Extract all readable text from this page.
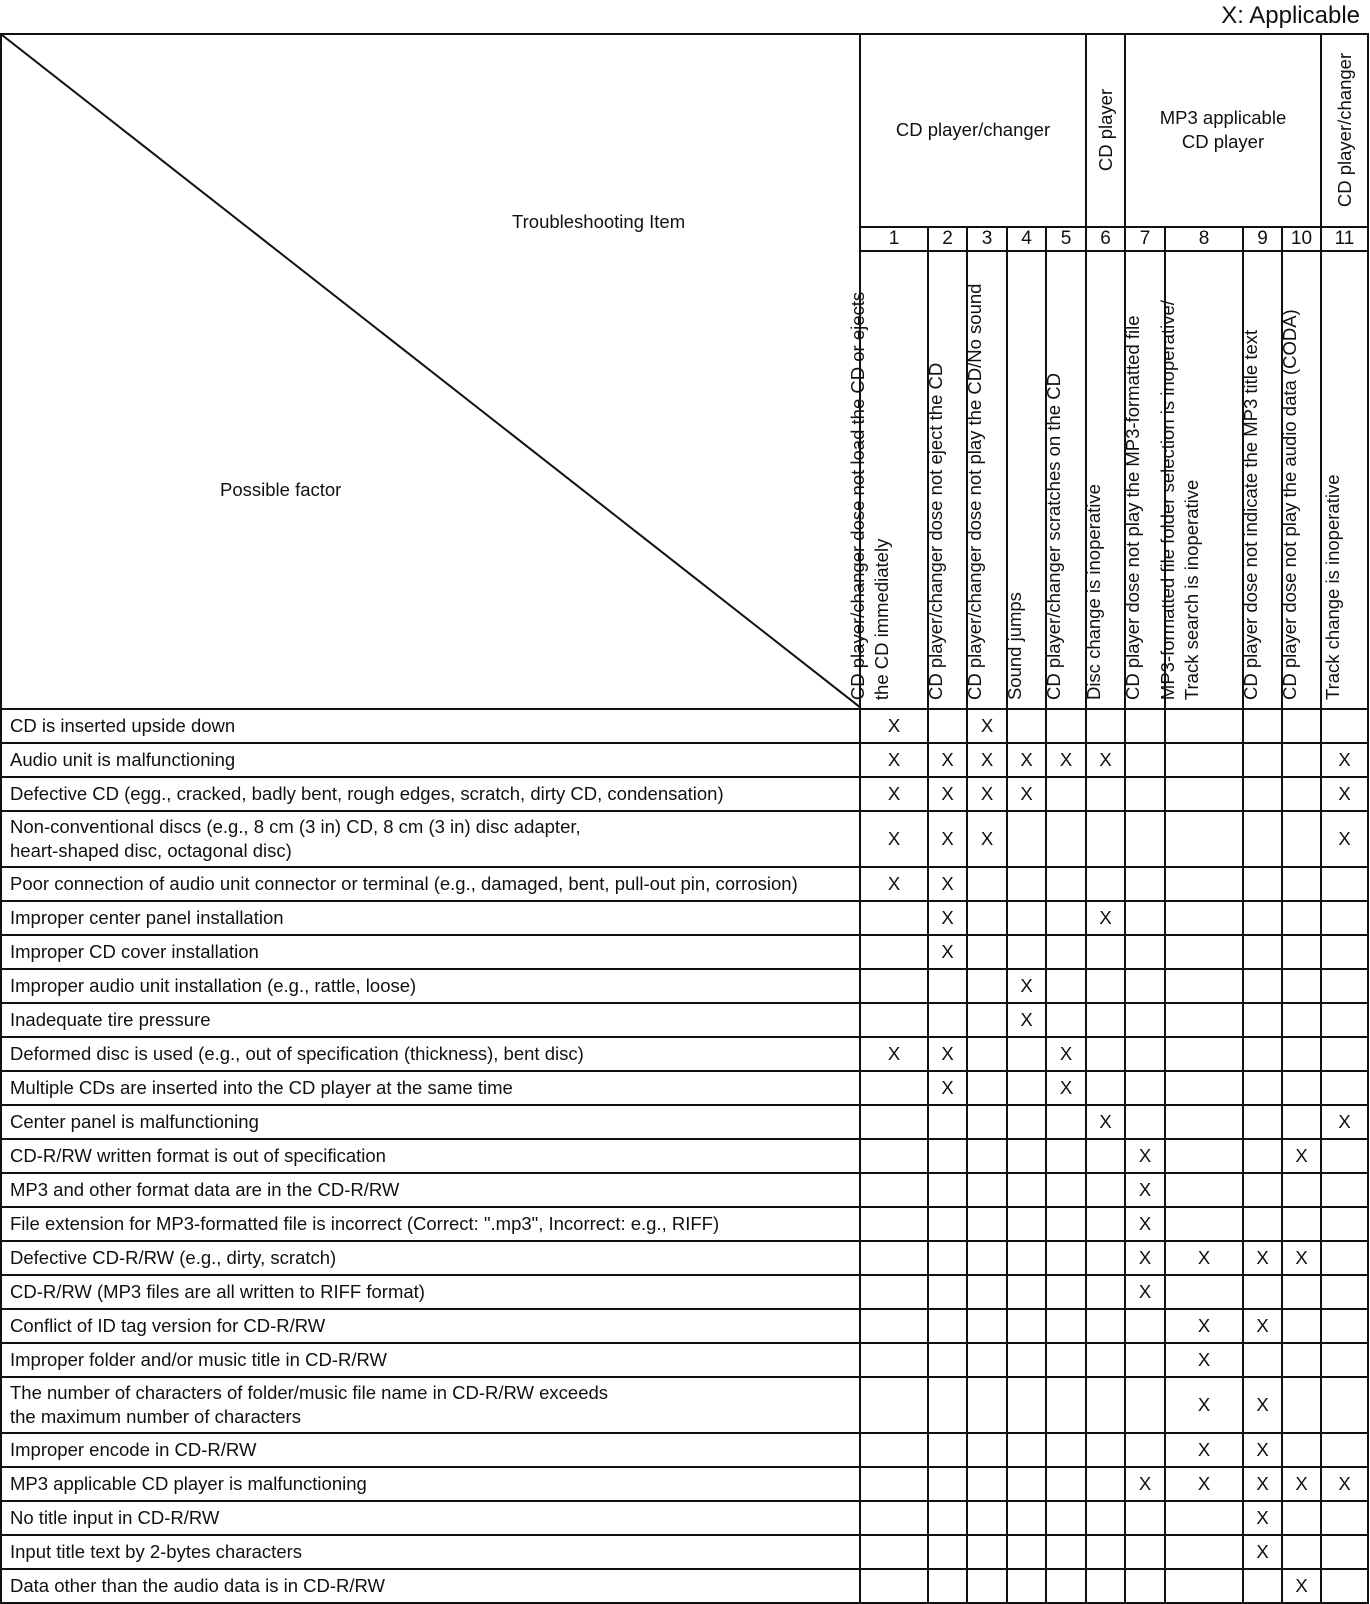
X: Applicable
Troubleshooting Item
Possible factor	CD player/changer					CD player	MP3 applicable
CD player				CD player/changer

	1	2	3	4	5	6	7	8	9	10	11

	CD player/changer dose not load the CD or ejects
the CD immediately	CD player/changer dose not eject the CD	CD player/changer dose not play the CD/No sound	Sound jumps	CD player/changer scratches on the CD	Disc change is inoperative	CD player dose not play the MP3-formatted file	MP3-formatted file folder selection is inoperative/
Track search is inoperative	CD player dose not indicate the MP3 title text	CD player dose not play the audio data (CODA)	Track change is inoperative

CD is inserted upside down	X		X								
Audio unit is malfunctioning	X	X	X	X	X	X					X
Defective CD (egg., cracked, badly bent, rough edges, scratch, dirty CD, condensation)	X	X	X	X							X
Non-conventional discs (e.g., 8 cm (3 in) CD, 8 cm (3 in) disc adapter,
heart-shaped disc, octagonal disc)	X	X	X								X
Poor connection of audio unit connector or terminal (e.g., damaged, bent, pull-out pin, corrosion)	X	X									
Improper center panel installation		X				X					
Improper CD cover installation		X									
Improper audio unit installation (e.g., rattle, loose)				X							
Inadequate tire pressure				X							
Deformed disc is used (e.g., out of specification (thickness), bent disc)	X	X			X						
Multiple CDs are inserted into the CD player at the same time		X			X						
Center panel is malfunctioning						X					X
CD-R/RW written format is out of specification							X			X	
MP3 and other format data are in the CD-R/RW							X				
File extension for MP3-formatted file is incorrect (Correct: ".mp3", Incorrect: e.g., RIFF)							X				
Defective CD-R/RW (e.g., dirty, scratch)							X	X	X	X	
CD-R/RW (MP3 files are all written to RIFF format)							X				
Conflict of ID tag version for CD-R/RW								X	X		
Improper folder and/or music title in CD-R/RW								X			
The number of characters of folder/music file name in CD-R/RW exceeds
the maximum number of characters								X	X		
Improper encode in CD-R/RW								X	X		
MP3 applicable CD player is malfunctioning							X	X	X	X	X
No title input in CD-R/RW									X		
Input title text by 2-bytes characters									X		
Data other than the audio data is in CD-R/RW										X	
